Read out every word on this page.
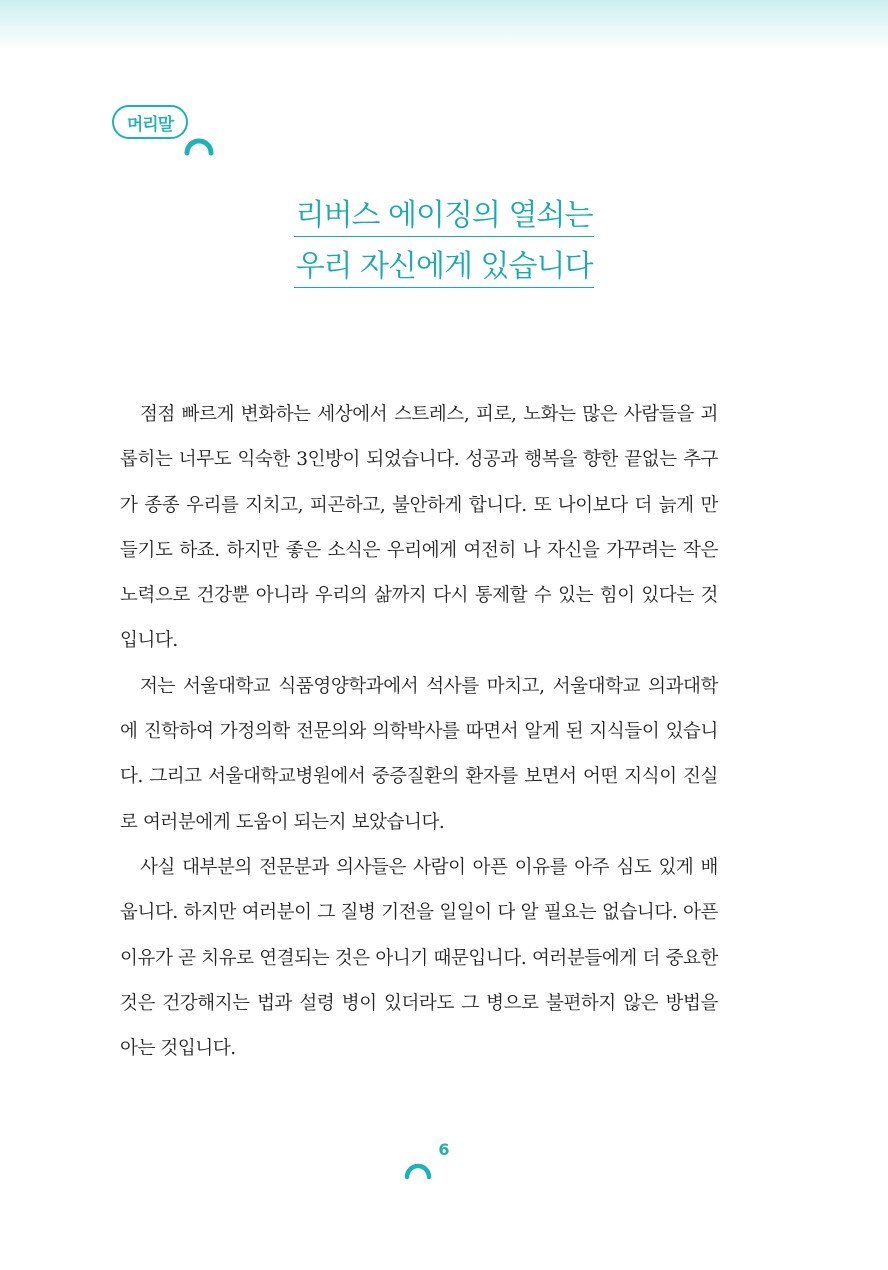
머리말
리버스 에이징의 열쇠는
우리 자신에게 있습니다

점점 빠르게 변화하는 세상에서 스트레스, 피로, 노화는 많은 사람들을 괴롭히는 너무도 익숙한 3인방이 되었습니다. 성공과 행복을 향한 끝없는 추구가 종종 우리를 지치고, 피곤하고, 불안하게 합니다. 또 나이보다 더 늙게 만들기도 하죠. 하지만 좋은 소식은 우리에게 여전히 나 자신을 가꾸려는 작은 노력으로 건강뿐 아니라 우리의 삶까지 다시 통제할 수 있는 힘이 있다는 것입니다.

저는 서울대학교 식품영양학과에서 석사를 마치고, 서울대학교 의과대학에 진학하여 가정의학 전문의와 의학박사를 따면서 알게 된 지식들이 있습니다. 그리고 서울대학교병원에서 중증질환의 환자를 보면서 어떤 지식이 진실로 여러분에게 도움이 되는지 보았습니다.

사실 대부분의 전문분과 의사들은 사람이 아픈 이유를 아주 심도 있게 배웁니다. 하지만 여러분이 그 질병 기전을 일일이 다 알 필요는 없습니다. 아픈 이유가 곧 치유로 연결되는 것은 아니기 때문입니다. 여러분들에게 더 중요한 것은 건강해지는 법과 설령 병이 있더라도 그 병으로 불편하지 않은 방법을 아는 것입니다.

6
